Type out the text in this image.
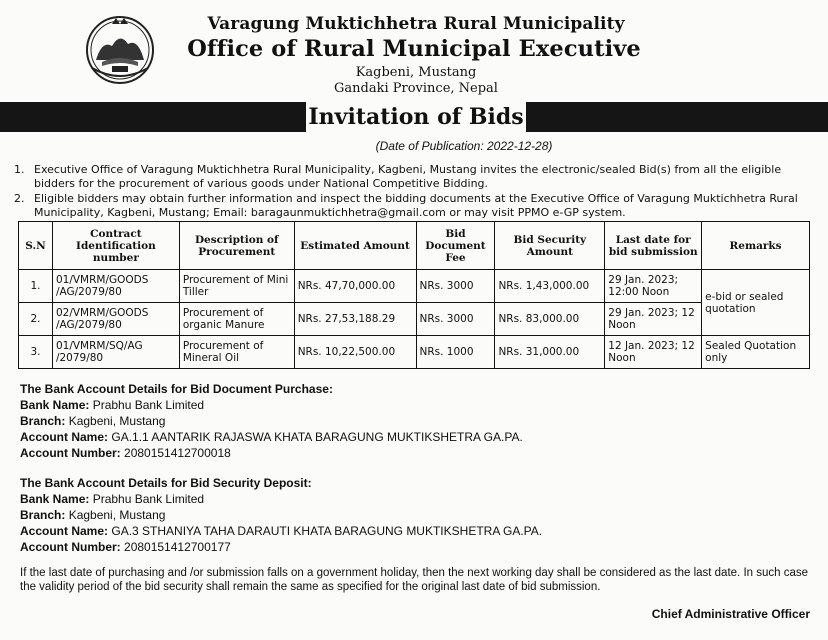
Varagung Muktichhetra Rural Municipality
Office of Rural Municipal Executive
Kagbeni, Mustang
Gandaki Province, Nepal
Invitation of Bids
(Date of Publication: 2022-12-28)
1. Executive Office of Varagung Muktichhetra Rural Municipality, Kagbeni, Mustang invites the electronic/sealed Bid(s) from all the eligible bidders for the procurement of various goods under National Competitive Bidding.
2. Eligible bidders may obtain further information and inspect the bidding documents at the Executive Office of Varagung Muktichhetra Rural Municipality, Kagbeni, Mustang; Email: baragaunmuktichhetra@gmail.com or may visit PPMO e-GP system.
S.N	Contract Identification number	Description of Procurement	Estimated Amount	Bid Document Fee	Bid Security Amount	Last date for bid submission	Remarks
1.	01/VMRM/GOODS /AG/2079/80	Procurement of Mini Tiller	NRs. 47,70,000.00	NRs. 3000	NRs. 1,43,000.00	29 Jan. 2023; 12:00 Noon	e-bid or sealed quotation
2.	02/VMRM/GOODS /AG/2079/80	Procurement of organic Manure	NRs. 27,53,188.29	NRs. 3000	NRs. 83,000.00	29 Jan. 2023; 12 Noon	
3.	01/VMRM/SQ/AG /2079/80	Procurement of Mineral Oil	NRs. 10,22,500.00	NRs. 1000	NRs. 31,000.00	12 Jan. 2023; 12 Noon	Sealed Quotation only
The Bank Account Details for Bid Document Purchase:
Bank Name: Prabhu Bank Limited
Branch: Kagbeni, Mustang
Account Name: GA.1.1 AANTARIK RAJASWA KHATA BARAGUNG MUKTIKSHETRA GA.PA.
Account Number: 2080151412700018
The Bank Account Details for Bid Security Deposit:
Bank Name: Prabhu Bank Limited
Branch: Kagbeni, Mustang
Account Name: GA.3 STHANIYA TAHA DARAUTI KHATA BARAGUNG MUKTIKSHETRA GA.PA.
Account Number: 2080151412700177
If the last date of purchasing and /or submission falls on a government holiday, then the next working day shall be considered as the last date. In such case the validity period of the bid security shall remain the same as specified for the original last date of bid submission.
Chief Administrative Officer
